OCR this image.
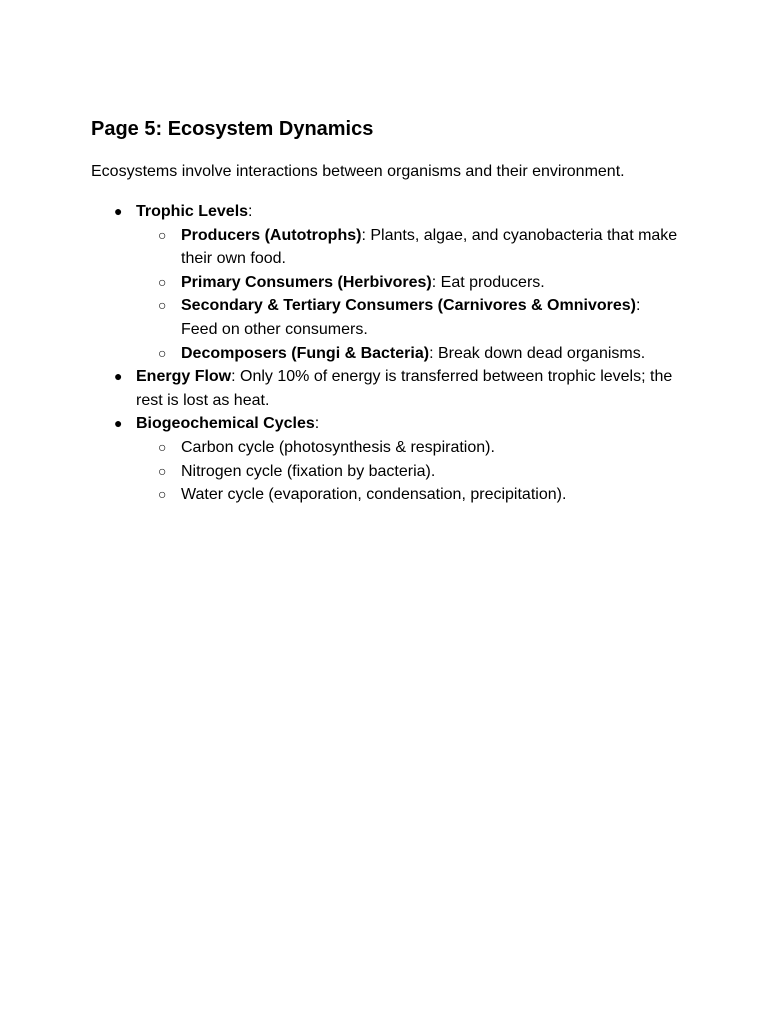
Page 5: Ecosystem Dynamics

Ecosystems involve interactions between organisms and their environment.

● Trophic Levels:
○ Producers (Autotrophs): Plants, algae, and cyanobacteria that make their own food.
○ Primary Consumers (Herbivores): Eat producers.
○ Secondary & Tertiary Consumers (Carnivores & Omnivores): Feed on other consumers.
○ Decomposers (Fungi & Bacteria): Break down dead organisms.
● Energy Flow: Only 10% of energy is transferred between trophic levels; the rest is lost as heat.
● Biogeochemical Cycles:
○ Carbon cycle (photosynthesis & respiration).
○ Nitrogen cycle (fixation by bacteria).
○ Water cycle (evaporation, condensation, precipitation).
